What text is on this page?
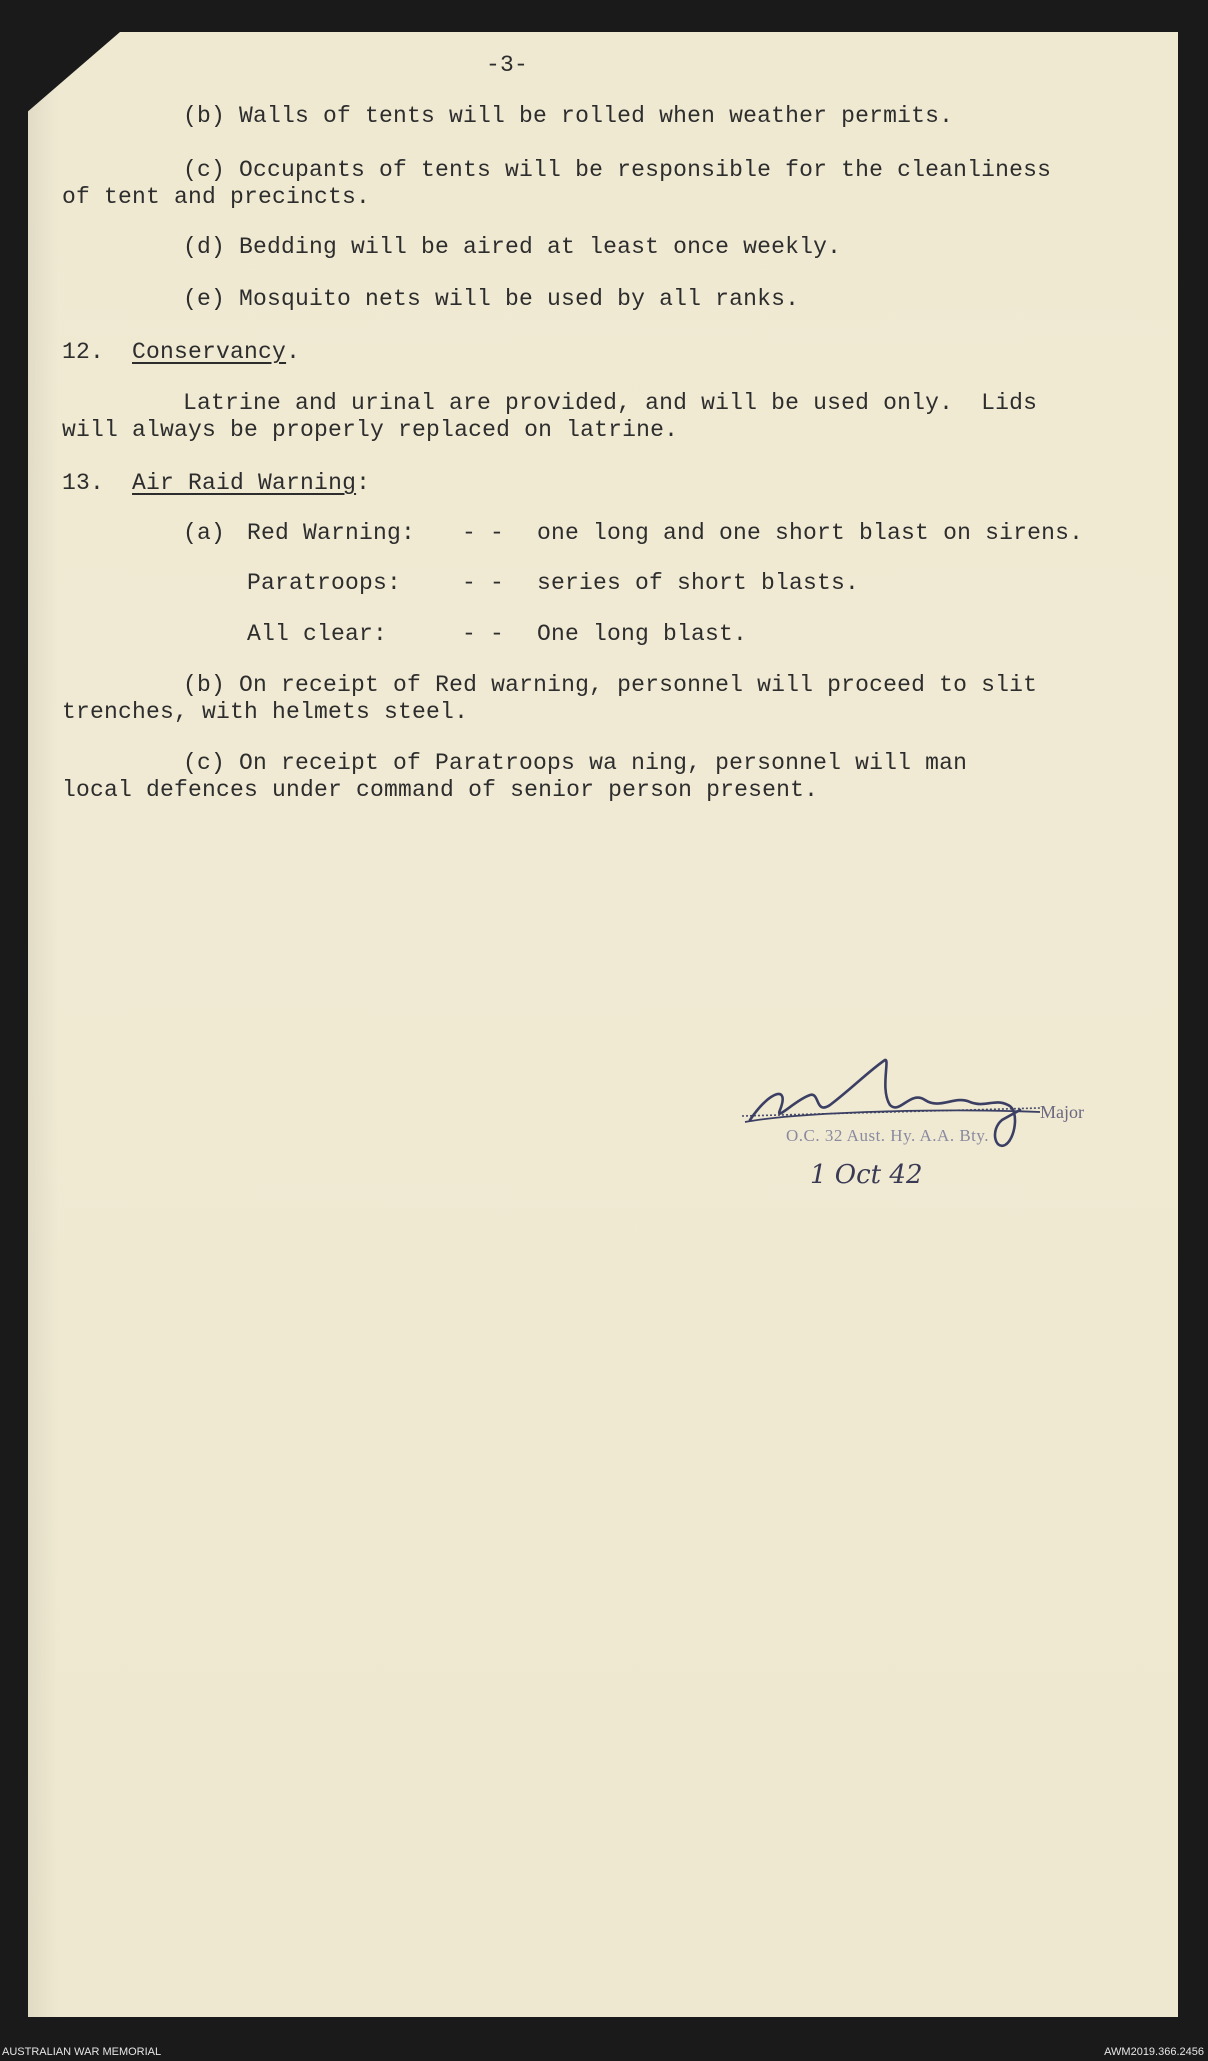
-3-
(b) Walls of tents will be rolled when weather permits.
(c) Occupants of tents will be responsible for the cleanliness
of tent and precincts.
(d) Bedding will be aired at least once weekly.
(e) Mosquito nets will be used by all ranks.
12. Conservancy.
Latrine and urinal are provided, and will be used only.  Lids
will always be properly replaced on latrine.
13. Air Raid Warning:
(a) Red Warning: - - one long and one short blast on sirens.
Paratroops:	- - series of short blasts.
All clear:	- - One long blast.
(b) On receipt of Red warning, personnel will proceed to slit
trenches, with helmets steel.
(c) On receipt of Paratroops wa ning, personnel will man
local defences under command of senior person present.
Major
O.C. 32 Aust. Hy. A.A. Bty.
1 Oct 42
AUSTRALIAN WAR MEMORIAL	AWM2019.366.2456
